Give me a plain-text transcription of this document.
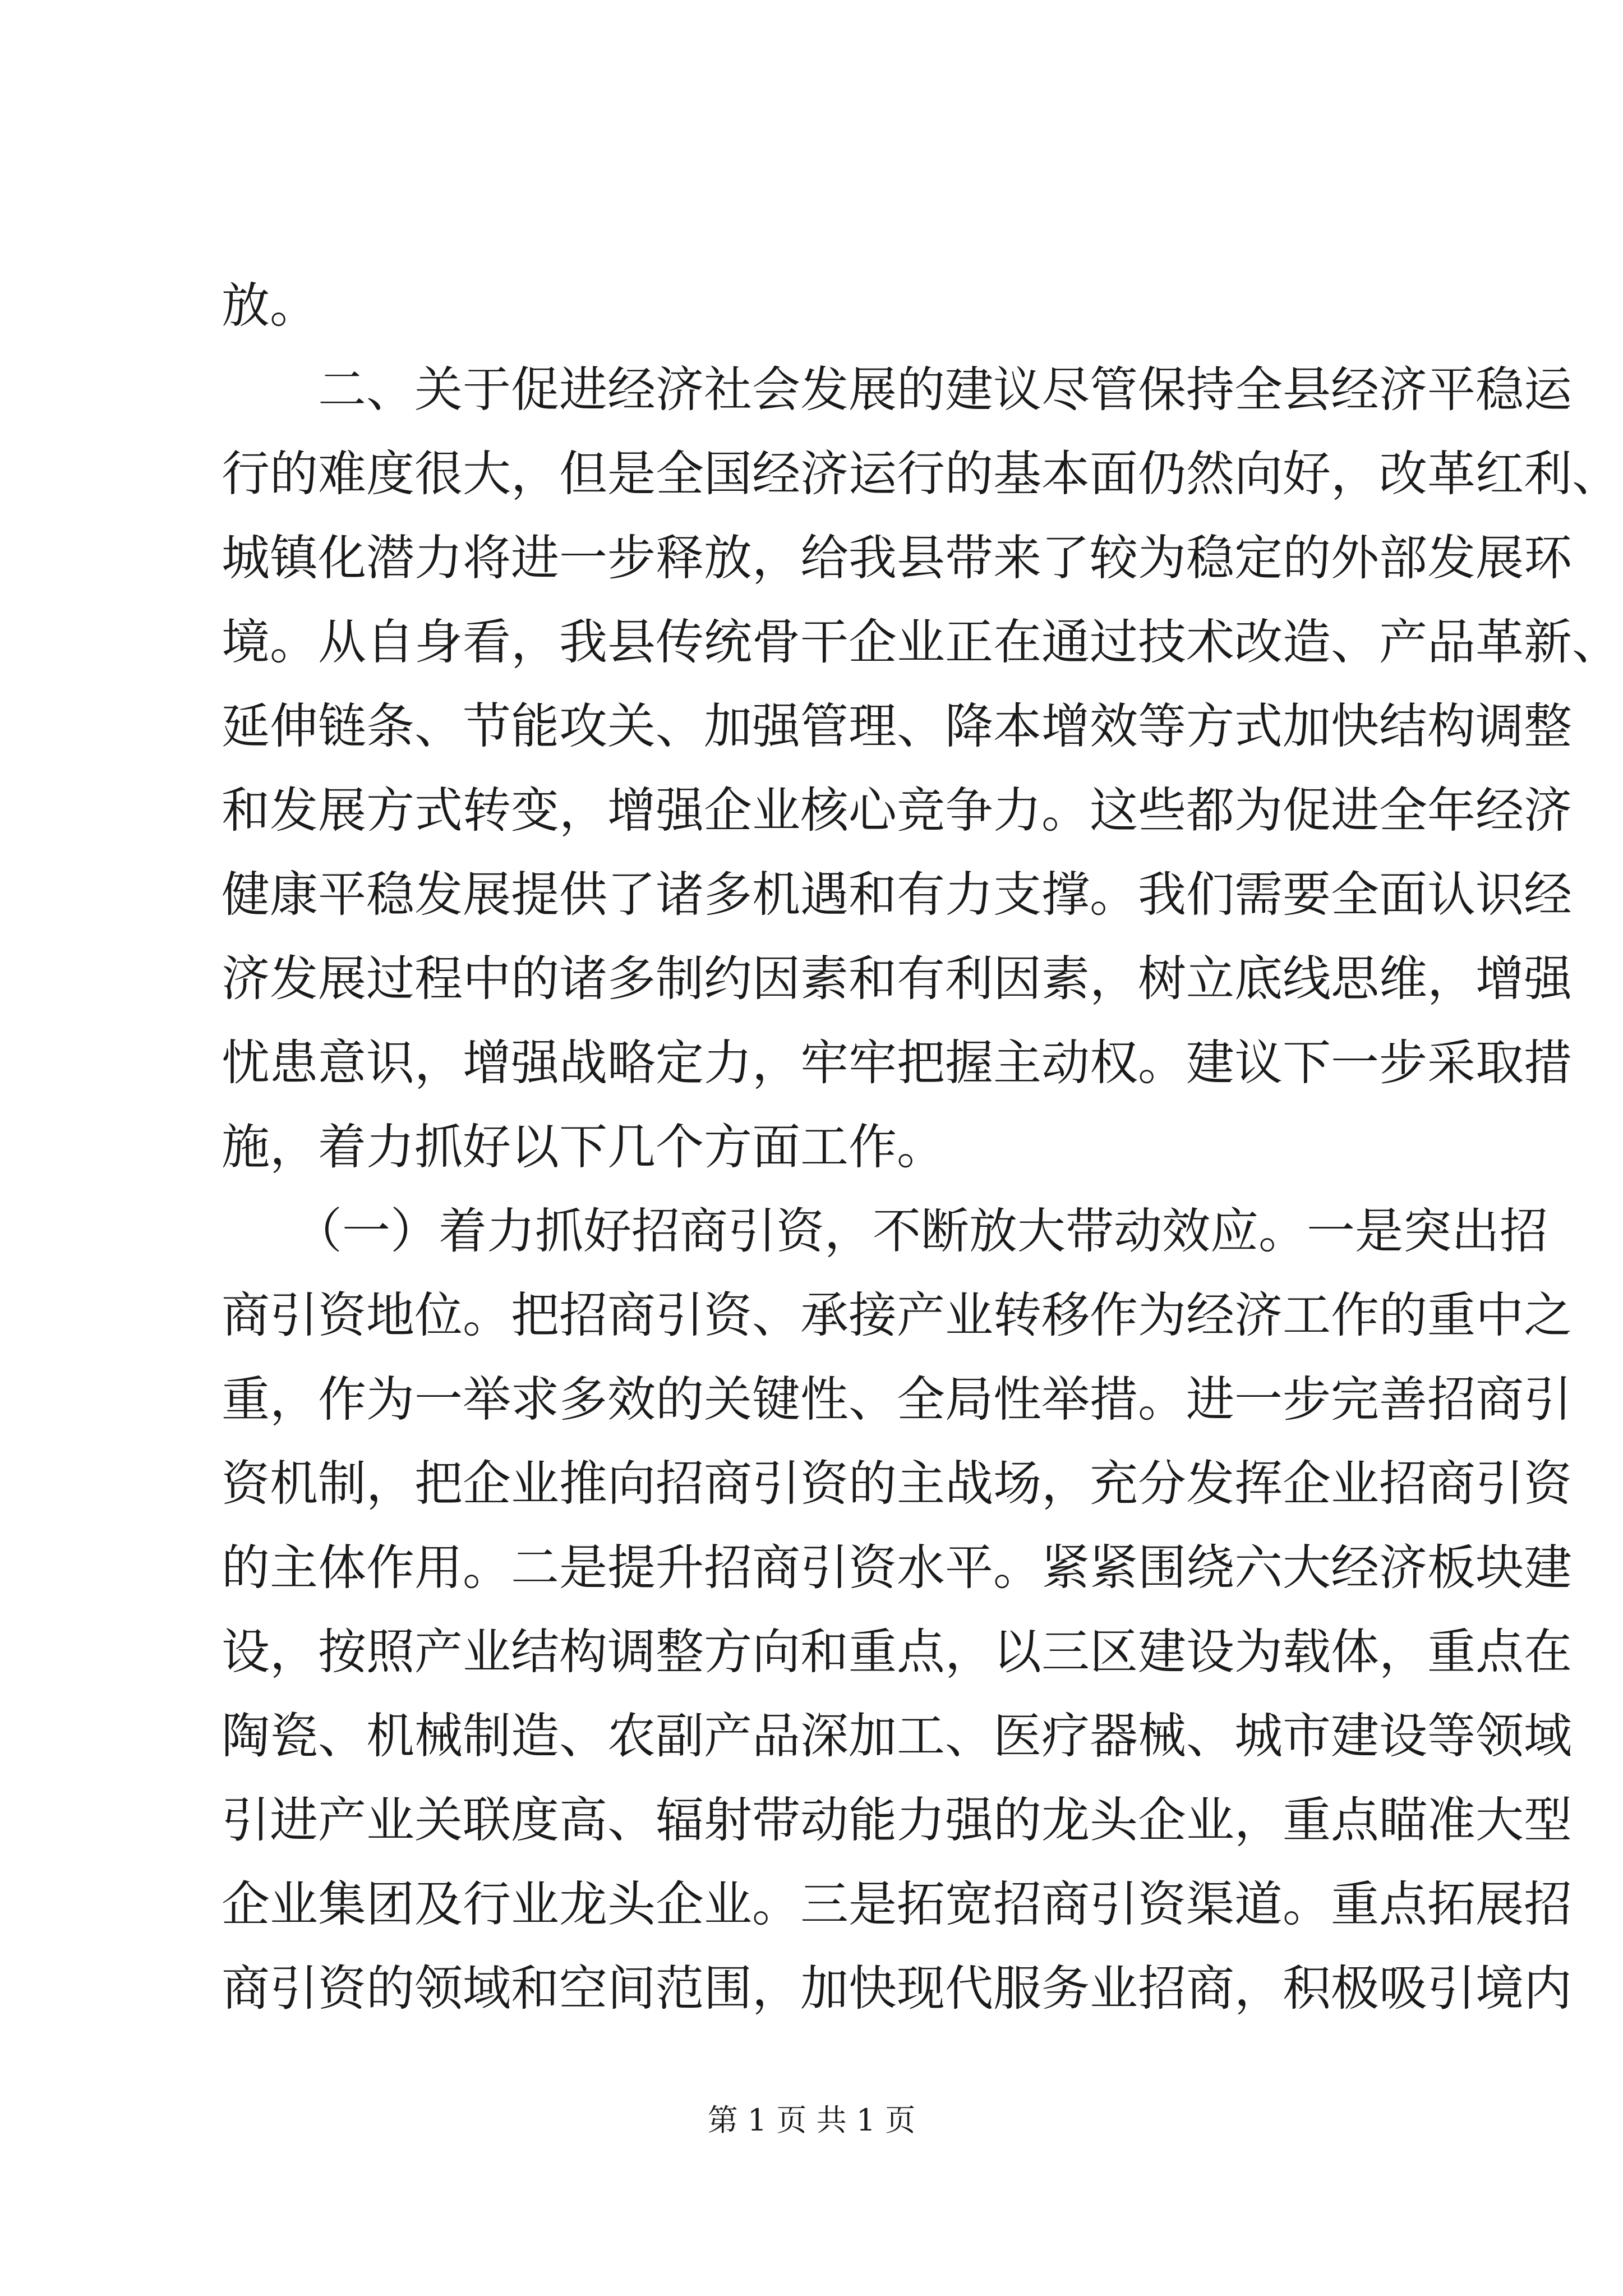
放。
　　二、关于促进经济社会发展的建议尽管保持全县经济平稳运
行的难度很大，但是全国经济运行的基本面仍然向好，改革红利、
城镇化潜力将进一步释放，给我县带来了较为稳定的外部发展环
境。从自身看，我县传统骨干企业正在通过技术改造、产品革新、
延伸链条、节能攻关、加强管理、降本增效等方式加快结构调整
和发展方式转变，增强企业核心竞争力。这些都为促进全年经济
健康平稳发展提供了诸多机遇和有力支撑。我们需要全面认识经
济发展过程中的诸多制约因素和有利因素，树立底线思维，增强
忧患意识，增强战略定力，牢牢把握主动权。建议下一步采取措
施，着力抓好以下几个方面工作。
　　（一）着力抓好招商引资，不断放大带动效应。一是突出招
商引资地位。把招商引资、承接产业转移作为经济工作的重中之
重，作为一举求多效的关键性、全局性举措。进一步完善招商引
资机制，把企业推向招商引资的主战场，充分发挥企业招商引资
的主体作用。二是提升招商引资水平。紧紧围绕六大经济板块建
设，按照产业结构调整方向和重点，以三区建设为载体，重点在
陶瓷、机械制造、农副产品深加工、医疗器械、城市建设等领域
引进产业关联度高、辐射带动能力强的龙头企业，重点瞄准大型
企业集团及行业龙头企业。三是拓宽招商引资渠道。重点拓展招
商引资的领域和空间范围，加快现代服务业招商，积极吸引境内
第 1 页 共 1 页
